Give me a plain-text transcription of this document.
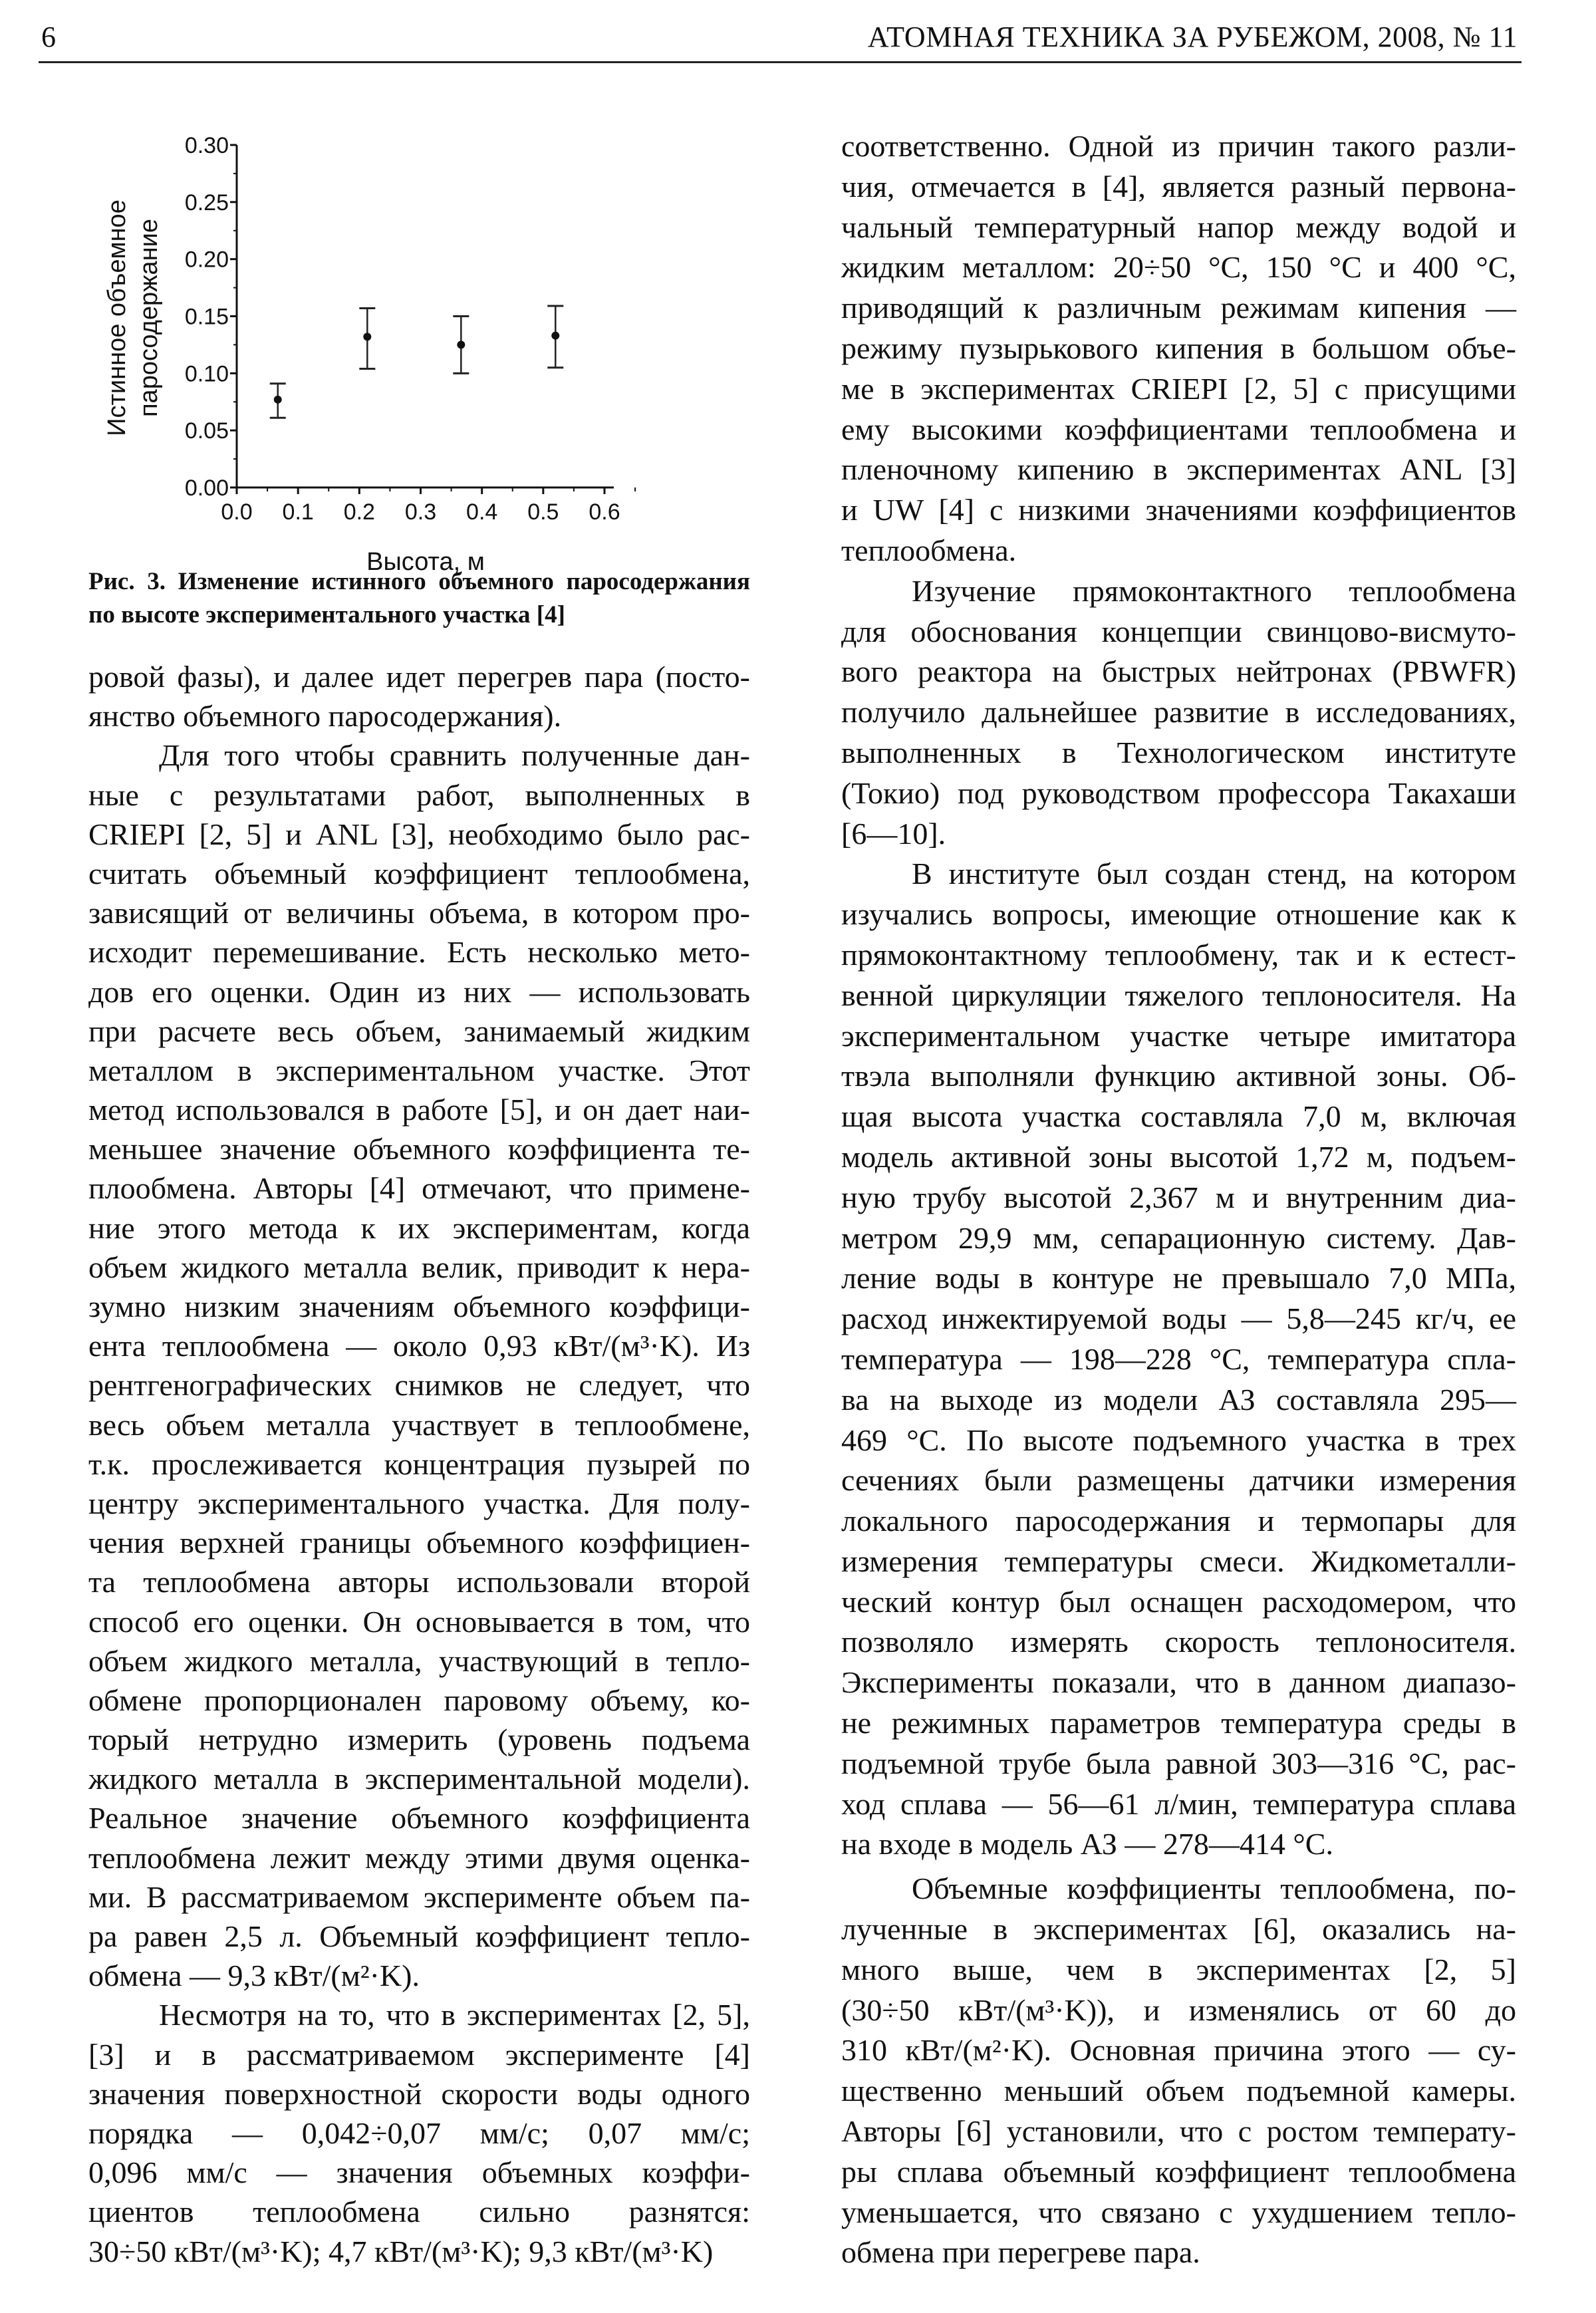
6	АТОМНАЯ ТЕХНИКА ЗА РУБЕЖОМ, 2008, № 11
0.00
0.05
0.10
0.15
0.20
0.25
0.30
0.0 0.1 0.2 0.3 0.4 0.5 0.6
Высота, м
Истинное объемное паросодержание
Рис. 3. Изменение истинного объемного паросодержания по высоте экспериментального участка [4]
ровой фазы), и далее идет перегрев пара (посто-
янство объемного паросодержания).
Для того чтобы сравнить полученные дан-
ные с результатами работ, выполненных в
CRIEPI [2, 5] и ANL [3], необходимо было рас-
считать объемный коэффициент теплообмена,
зависящий от величины объема, в котором про-
исходит перемешивание. Есть несколько мето-
дов его оценки. Один из них — использовать
при расчете весь объем, занимаемый жидким
металлом в экспериментальном участке. Этот
метод использовался в работе [5], и он дает наи-
меньшее значение объемного коэффициента те-
плообмена. Авторы [4] отмечают, что примене-
ние этого метода к их экспериментам, когда
объем жидкого металла велик, приводит к нера-
зумно низким значениям объемного коэффици-
ента теплообмена — около 0,93 кВт/(м³·K). Из
рентгенографических снимков не следует, что
весь объем металла участвует в теплообмене,
т.к. прослеживается концентрация пузырей по
центру экспериментального участка. Для полу-
чения верхней границы объемного коэффициен-
та теплообмена авторы использовали второй
способ его оценки. Он основывается в том, что
объем жидкого металла, участвующий в тепло-
обмене пропорционален паровому объему, ко-
торый нетрудно измерить (уровень подъема
жидкого металла в экспериментальной модели).
Реальное значение объемного коэффициента
теплообмена лежит между этими двумя оценка-
ми. В рассматриваемом эксперименте объем па-
ра равен 2,5 л. Объемный коэффициент тепло-
обмена — 9,3 кВт/(м²·K).
Несмотря на то, что в экспериментах [2, 5],
[3] и в рассматриваемом эксперименте [4]
значения поверхностной скорости воды одного
порядка — 0,042÷0,07 мм/с; 0,07 мм/с;
0,096 мм/с — значения объемных коэффи-
циентов теплообмена сильно разнятся:
30÷50 кВт/(м³·K); 4,7 кВт/(м³·K); 9,3 кВт/(м³·K)
соответственно. Одной из причин такого разли-
чия, отмечается в [4], является разный первона-
чальный температурный напор между водой и
жидким металлом: 20÷50 °C, 150 °C и 400 °C,
приводящий к различным режимам кипения —
режиму пузырькового кипения в большом объе-
ме в экспериментах CRIEPI [2, 5] с присущими
ему высокими коэффициентами теплообмена и
пленочному кипению в экспериментах ANL [3]
и UW [4] с низкими значениями коэффициентов
теплообмена.
Изучение прямоконтактного теплообмена
для обоснования концепции свинцово-висмуто-
вого реактора на быстрых нейтронах (PBWFR)
получило дальнейшее развитие в исследованиях,
выполненных в Технологическом институте
(Токио) под руководством профессора Такахаши
[6—10].
В институте был создан стенд, на котором
изучались вопросы, имеющие отношение как к
прямоконтактному теплообмену, так и к естест-
венной циркуляции тяжелого теплоносителя. На
экспериментальном участке четыре имитатора
твэла выполняли функцию активной зоны. Об-
щая высота участка составляла 7,0 м, включая
модель активной зоны высотой 1,72 м, подъем-
ную трубу высотой 2,367 м и внутренним диа-
метром 29,9 мм, сепарационную систему. Дав-
ление воды в контуре не превышало 7,0 МПа,
расход инжектируемой воды — 5,8—245 кг/ч, ее
температура — 198—228 °C, температура спла-
ва на выходе из модели АЗ составляла 295—
469 °C. По высоте подъемного участка в трех
сечениях были размещены датчики измерения
локального паросодержания и термопары для
измерения температуры смеси. Жидкометалли-
ческий контур был оснащен расходомером, что
позволяло измерять скорость теплоносителя.
Эксперименты показали, что в данном диапазо-
не режимных параметров температура среды в
подъемной трубе была равной 303—316 °C, рас-
ход сплава — 56—61 л/мин, температура сплава
на входе в модель АЗ — 278—414 °C.
Объемные коэффициенты теплообмена, по-
лученные в экспериментах [6], оказались на-
много выше, чем в экспериментах [2, 5]
(30÷50 кВт/(м³·K)), и изменялись от 60 до
310 кВт/(м²·K). Основная причина этого — су-
щественно меньший объем подъемной камеры.
Авторы [6] установили, что с ростом температу-
ры сплава объемный коэффициент теплообмена
уменьшается, что связано с ухудшением тепло-
обмена при перегреве пара.
